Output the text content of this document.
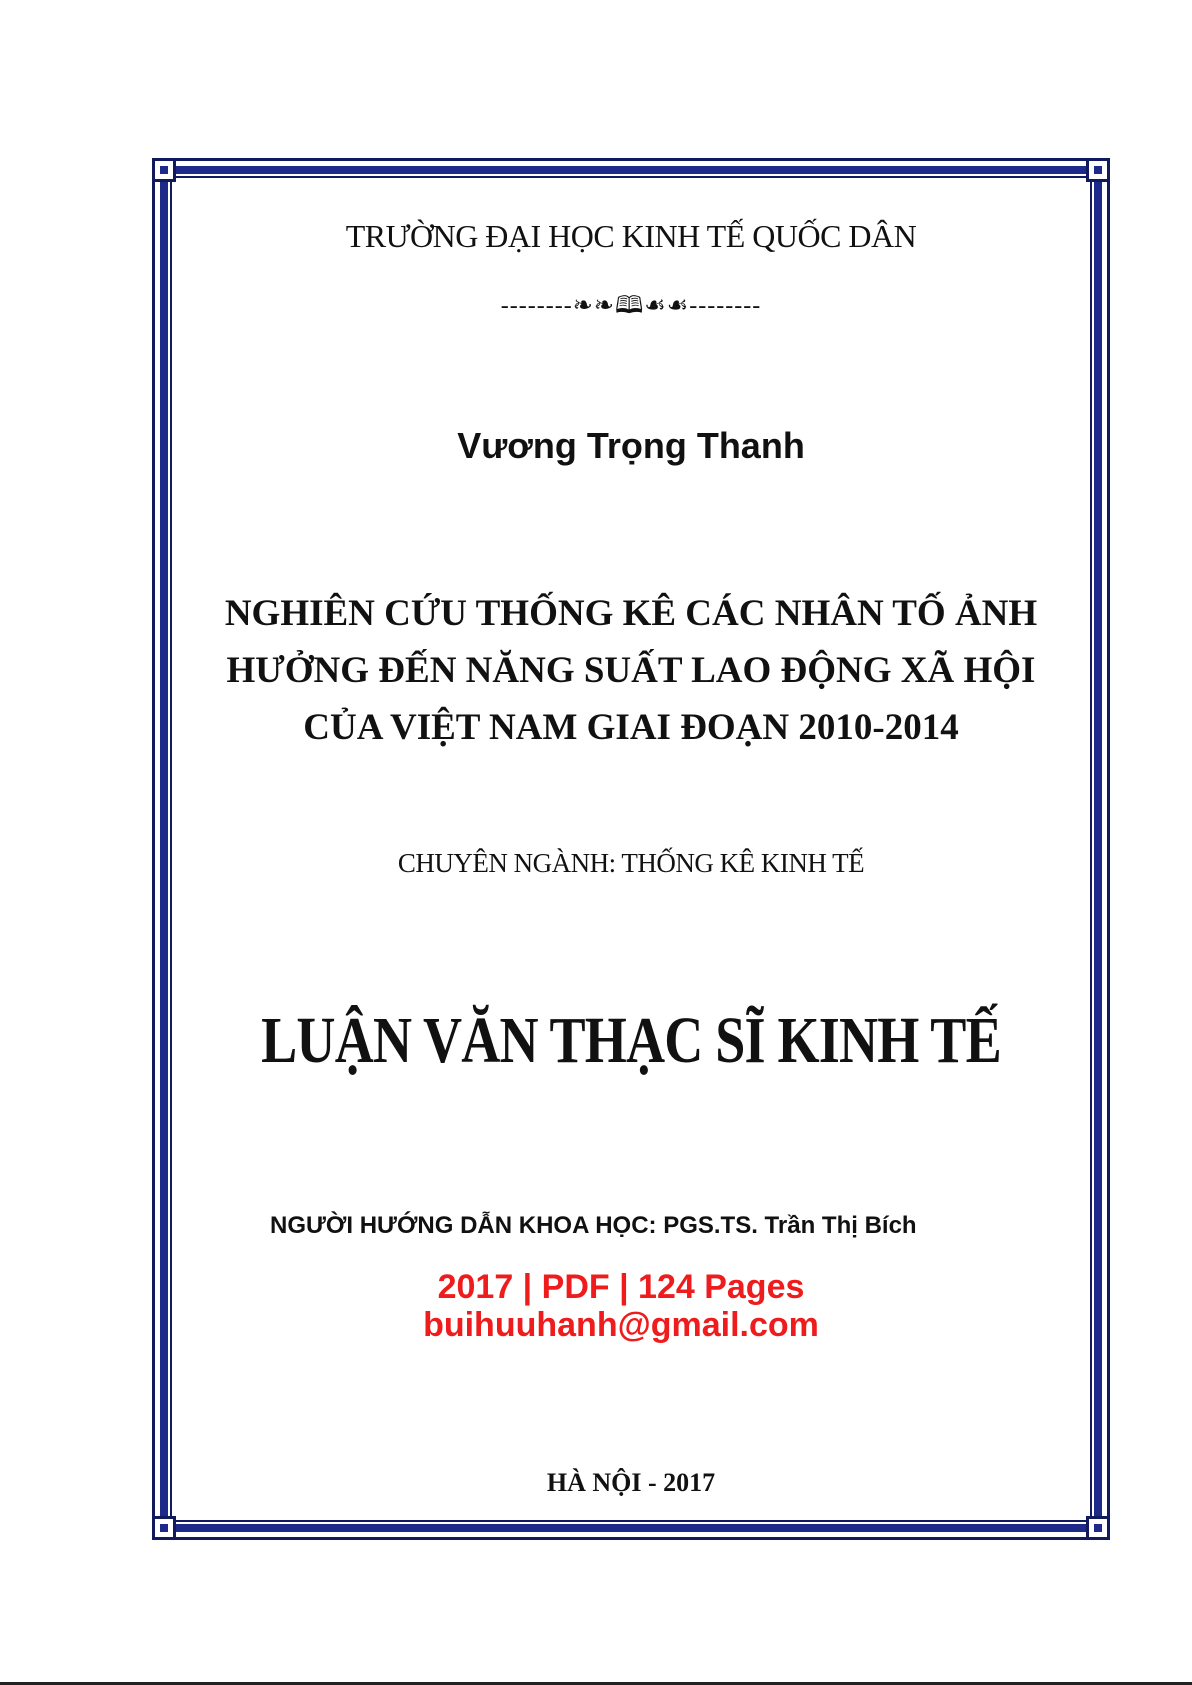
TRƯỜNG ĐẠI HỌC KINH TẾ QUỐC DÂN
--------❧❧🕮☙☙--------
Vương Trọng Thanh
NGHIÊN CỨU THỐNG KÊ CÁC NHÂN TỐ ẢNH
HƯỞNG ĐẾN NĂNG SUẤT LAO ĐỘNG XÃ HỘI
CỦA VIỆT NAM GIAI ĐOẠN 2010-2014
CHUYÊN NGÀNH: THỐNG KÊ KINH TẾ
LUẬN VĂN THẠC SĨ KINH TẾ
NGƯỜI HƯỚNG DẪN KHOA HỌC: PGS.TS. Trần Thị Bích
2017 | PDF | 124 Pages
buihuuhanh@gmail.com
HÀ NỘI - 2017
